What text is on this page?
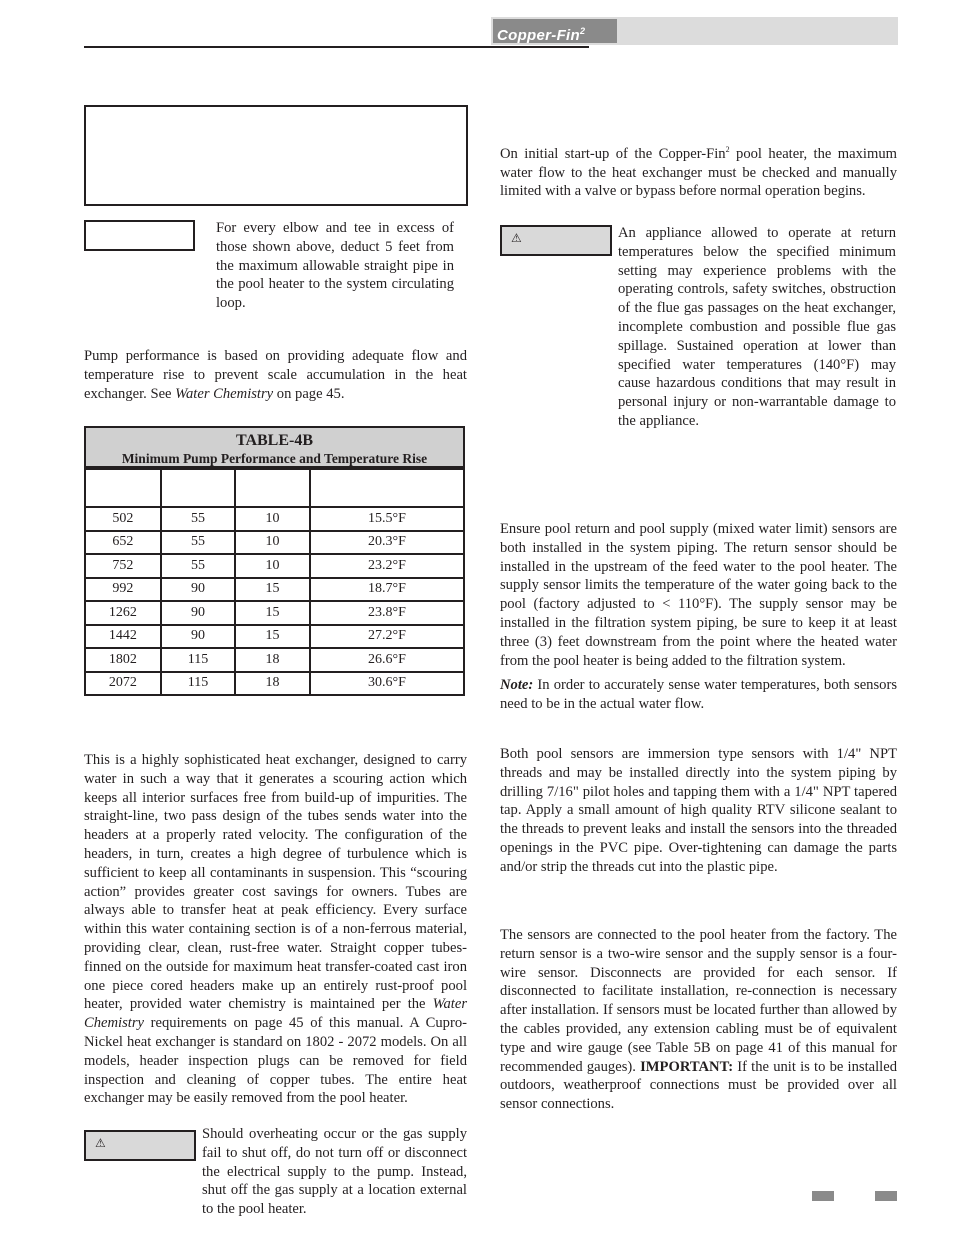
Copper-Fin$^2$

For every elbow and tee in excess of those shown above, deduct 5 feet from the maximum allowable straight pipe in the pool heater to the system circulating loop.

Pump performance is based on providing adequate flow and temperature rise to prevent scale accumulation in the heat exchanger. See Water Chemistry on page 45.

TABLE-4B
Minimum Pump Performance and Temperature Rise

502	55	10	15.5°F
652	55	10	20.3°F
752	55	10	23.2°F
992	90	15	18.7°F
1262	90	15	23.8°F
1442	90	15	27.2°F
1802	115	18	26.6°F
2072	115	18	30.6°F

This is a highly sophisticated heat exchanger, designed to carry water in such a way that it generates a scouring action which keeps all interior surfaces free from build-up of impurities. The straight-line, two pass design of the tubes sends water into the headers at a properly rated velocity. The configuration of the headers, in turn, creates a high degree of turbulence which is sufficient to keep all contaminants in suspension. This “scouring action” provides greater cost savings for owners. Tubes are always able to transfer heat at peak efficiency. Every surface within this water containing section is of a non-ferrous material, providing clear, clean, rust-free water. Straight copper tubes-finned on the outside for maximum heat transfer-coated cast iron one piece cored headers make up an entirely rust-proof pool heater, provided water chemistry is maintained per the Water Chemistry requirements on page 45 of this manual. A Cupro-Nickel heat exchanger is standard on 1802 - 2072 models. On all models, header inspection plugs can be removed for field inspection and cleaning of copper tubes. The entire heat exchanger may be easily removed from the pool heater.

⚠

Should overheating occur or the gas supply fail to shut off, do not turn off or disconnect the electrical supply to the pump. Instead, shut off the gas supply at a location external to the pool heater.

On initial start-up of the Copper-Fin$^2$ pool heater, the maximum water flow to the heat exchanger must be checked and manually limited with a valve or bypass before normal operation begins.

⚠	An appliance allowed to operate at return temperatures below the specified minimum setting may experience problems with the operating controls, safety switches, obstruction of the flue gas passages on the heat exchanger, incomplete combustion and possible flue gas spillage. Sustained operation at lower than specified water temperatures (140°F) may cause hazardous conditions that may result in personal injury or non-warrantable damage to the appliance.

Ensure pool return and pool supply (mixed water limit) sensors are both installed in the system piping. The return sensor should be installed in the upstream of the feed water to the pool heater. The supply sensor limits the temperature of the water going back to the pool (factory adjusted to < 110°F). The supply sensor may be installed in the filtration system piping, be sure to keep it at least three (3) feet downstream from the point where the heated water from the pool heater is being added to the filtration system.

Note: In order to accurately sense water temperatures, both sensors need to be in the actual water flow.

Both pool sensors are immersion type sensors with 1/4" NPT threads and may be installed directly into the system piping by drilling 7/16" pilot holes and tapping them with a 1/4" NPT tapered tap. Apply a small amount of high quality RTV silicone sealant to the threads to prevent leaks and install the sensors into the threaded openings in the PVC pipe. Over-tightening can damage the parts and/or strip the threads cut into the plastic pipe.

The sensors are connected to the pool heater from the factory. The return sensor is a two-wire sensor and the supply sensor is a four-wire sensor. Disconnects are provided for each sensor. If disconnected to facilitate installation, re-connection is necessary after installation. If sensors must be located further than allowed by the cables provided, any extension cabling must be of equivalent type and wire gauge (see Table 5B on page 41 of this manual for recommended gauges). IMPORTANT: If the unit is to be installed outdoors, weatherproof connections must be provided over all sensor connections.
